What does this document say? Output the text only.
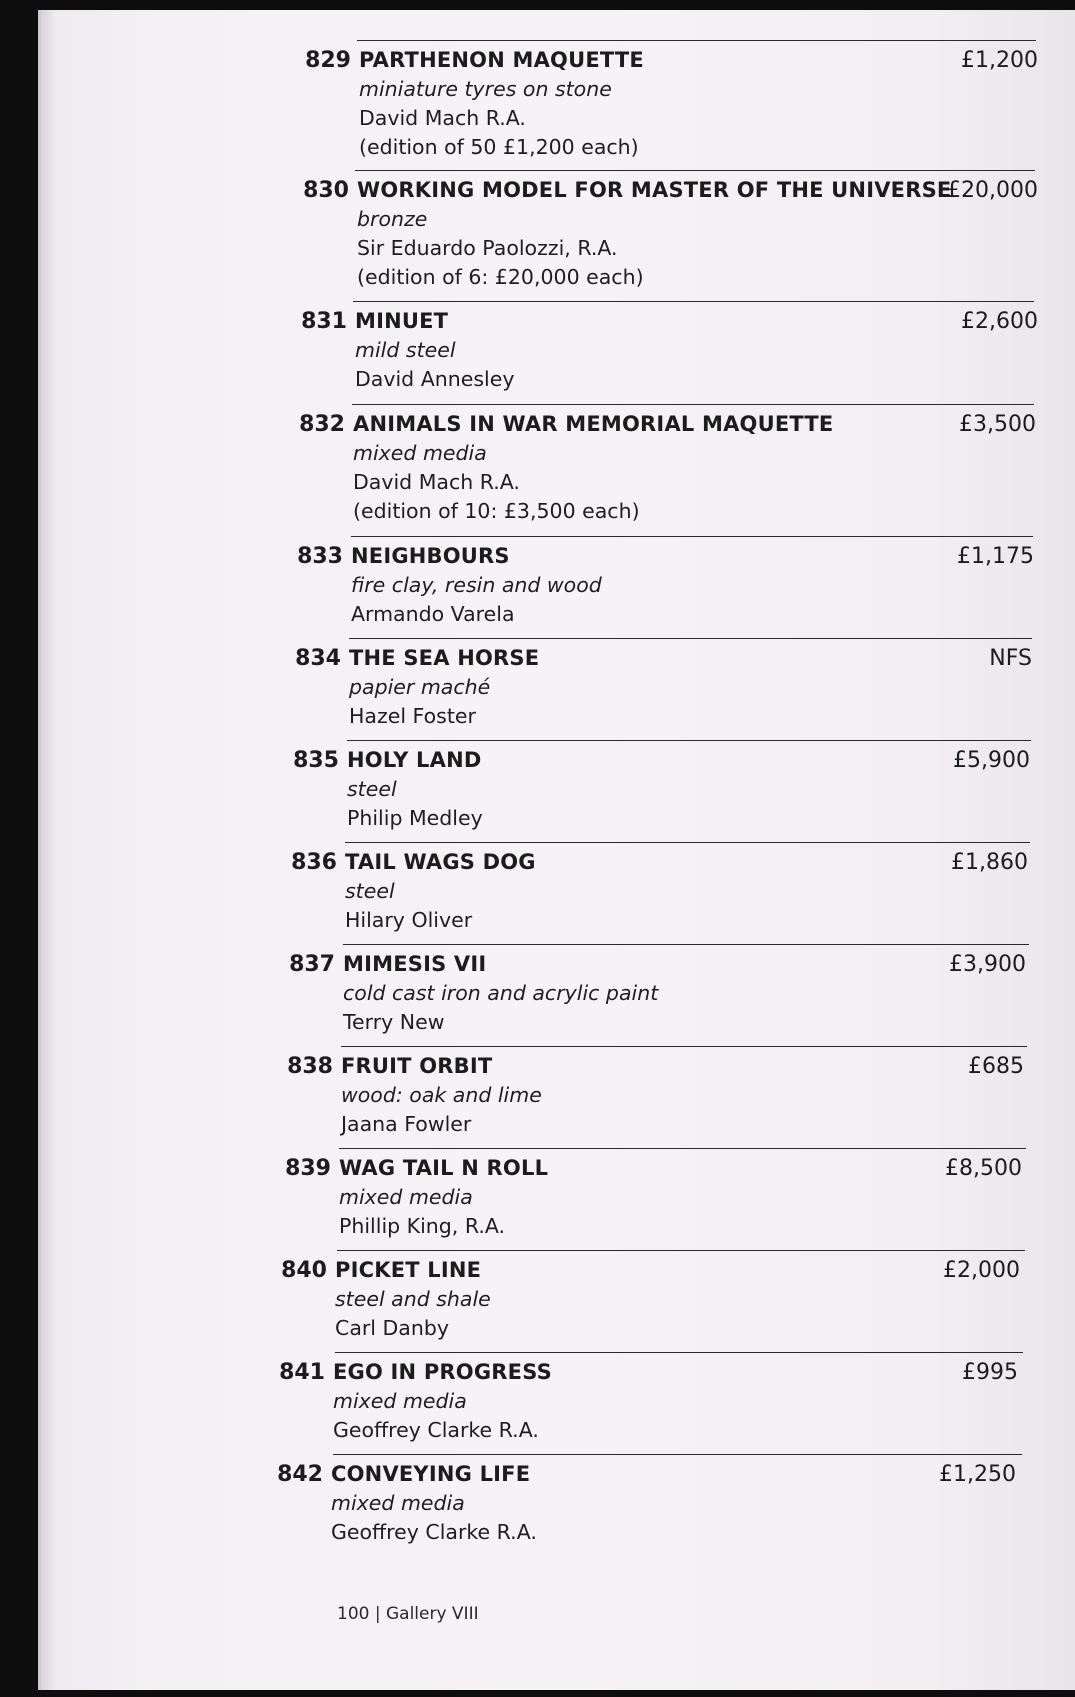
829 PARTHENON MAQUETTE
miniature tyres on stone
David Mach R.A.
(edition of 50 £1,200 each)
£1,200
830 WORKING MODEL FOR MASTER OF THE UNIVERSE
bronze
Sir Eduardo Paolozzi, R.A.
(edition of 6: £20,000 each)
£20,000
831 MINUET
mild steel
David Annesley
£2,600
832 ANIMALS IN WAR MEMORIAL MAQUETTE
mixed media
David Mach R.A.
(edition of 10: £3,500 each)
£3,500
833 NEIGHBOURS
fire clay, resin and wood
Armando Varela
£1,175
834 THE SEA HORSE
papier maché
Hazel Foster
NFS
835 HOLY LAND
steel
Philip Medley
£5,900
836 TAIL WAGS DOG
steel
Hilary Oliver
£1,860
837 MIMESIS VII
cold cast iron and acrylic paint
Terry New
£3,900
838 FRUIT ORBIT
wood: oak and lime
Jaana Fowler
£685
839 WAG TAIL N ROLL
mixed media
Phillip King, R.A.
£8,500
840 PICKET LINE
steel and shale
Carl Danby
£2,000
841 EGO IN PROGRESS
mixed media
Geoffrey Clarke R.A.
£995
842 CONVEYING LIFE
mixed media
Geoffrey Clarke R.A.
£1,250
100 | Gallery VIII
